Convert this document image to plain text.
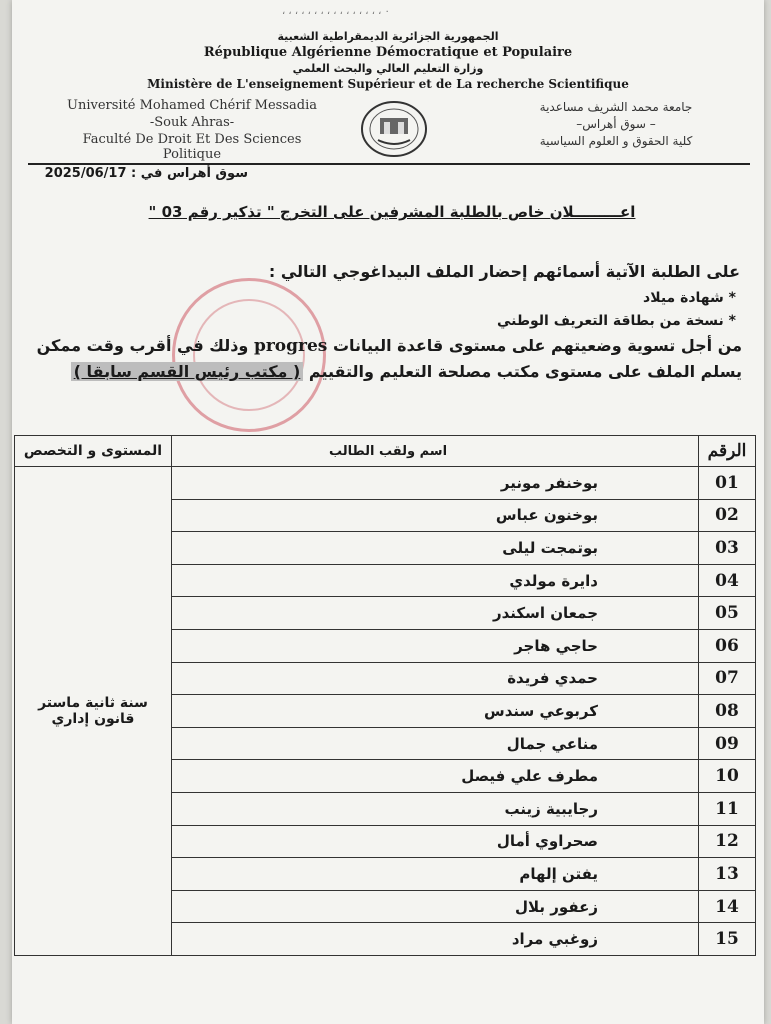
٠ ، ، ، ، ، ، ، ، ، ، ، ، ، ، ، ،
الجمهورية الجزائرية الديمقراطية الشعبية
République Algérienne Démocratique et Populaire
وزارة التعليم العالي والبحث العلمي
Ministère de L'enseignement Supérieur et de La recherche Scientifique
Université Mohamed Chérif Messadia
-Souk Ahras-
Faculté De Droit Et Des Sciences Politique
جامعة محمد الشريف مساعدية
– سوق أهراس–
كلية الحقوق و العلوم السياسية
سوق أهراس في : 2025/06/17
اعـــــــــلان خاص بالطلبة المشرفين على التخرج " تذكير رقم 03 "
على الطلبة الآتية أسمائهم إحضار الملف البيداغوجي التالي :
* شهادة ميلاد
* نسخة من بطاقة التعريف الوطني
من أجل تسوية وضعيتهم على مستوى قاعدة البيانات progres وذلك في أقرب وقت ممكن
يسلم الملف على مستوى مكتب مصلحة التعليم والتقييم ( مكتب رئيس القسم سابقا )
الرقم	اسم ولقب الطالب	المستوى و التخصص
01	بوخنفر مونير	سنة ثانية ماستر قانون إداري
02	بوخنون عباس	
03	بوتمجت ليلى	
04	دايرة مولدي	
05	جمعان اسكندر	
06	حاجي هاجر	
07	حمدي فريدة	
08	كربوعي سندس	
09	مناعي جمال	
10	مطرف علي فيصل	
11	رجايبية زينب	
12	صحراوي أمال	
13	يفتن إلهام	
14	زعفور بلال	
15	زوغبي مراد	
